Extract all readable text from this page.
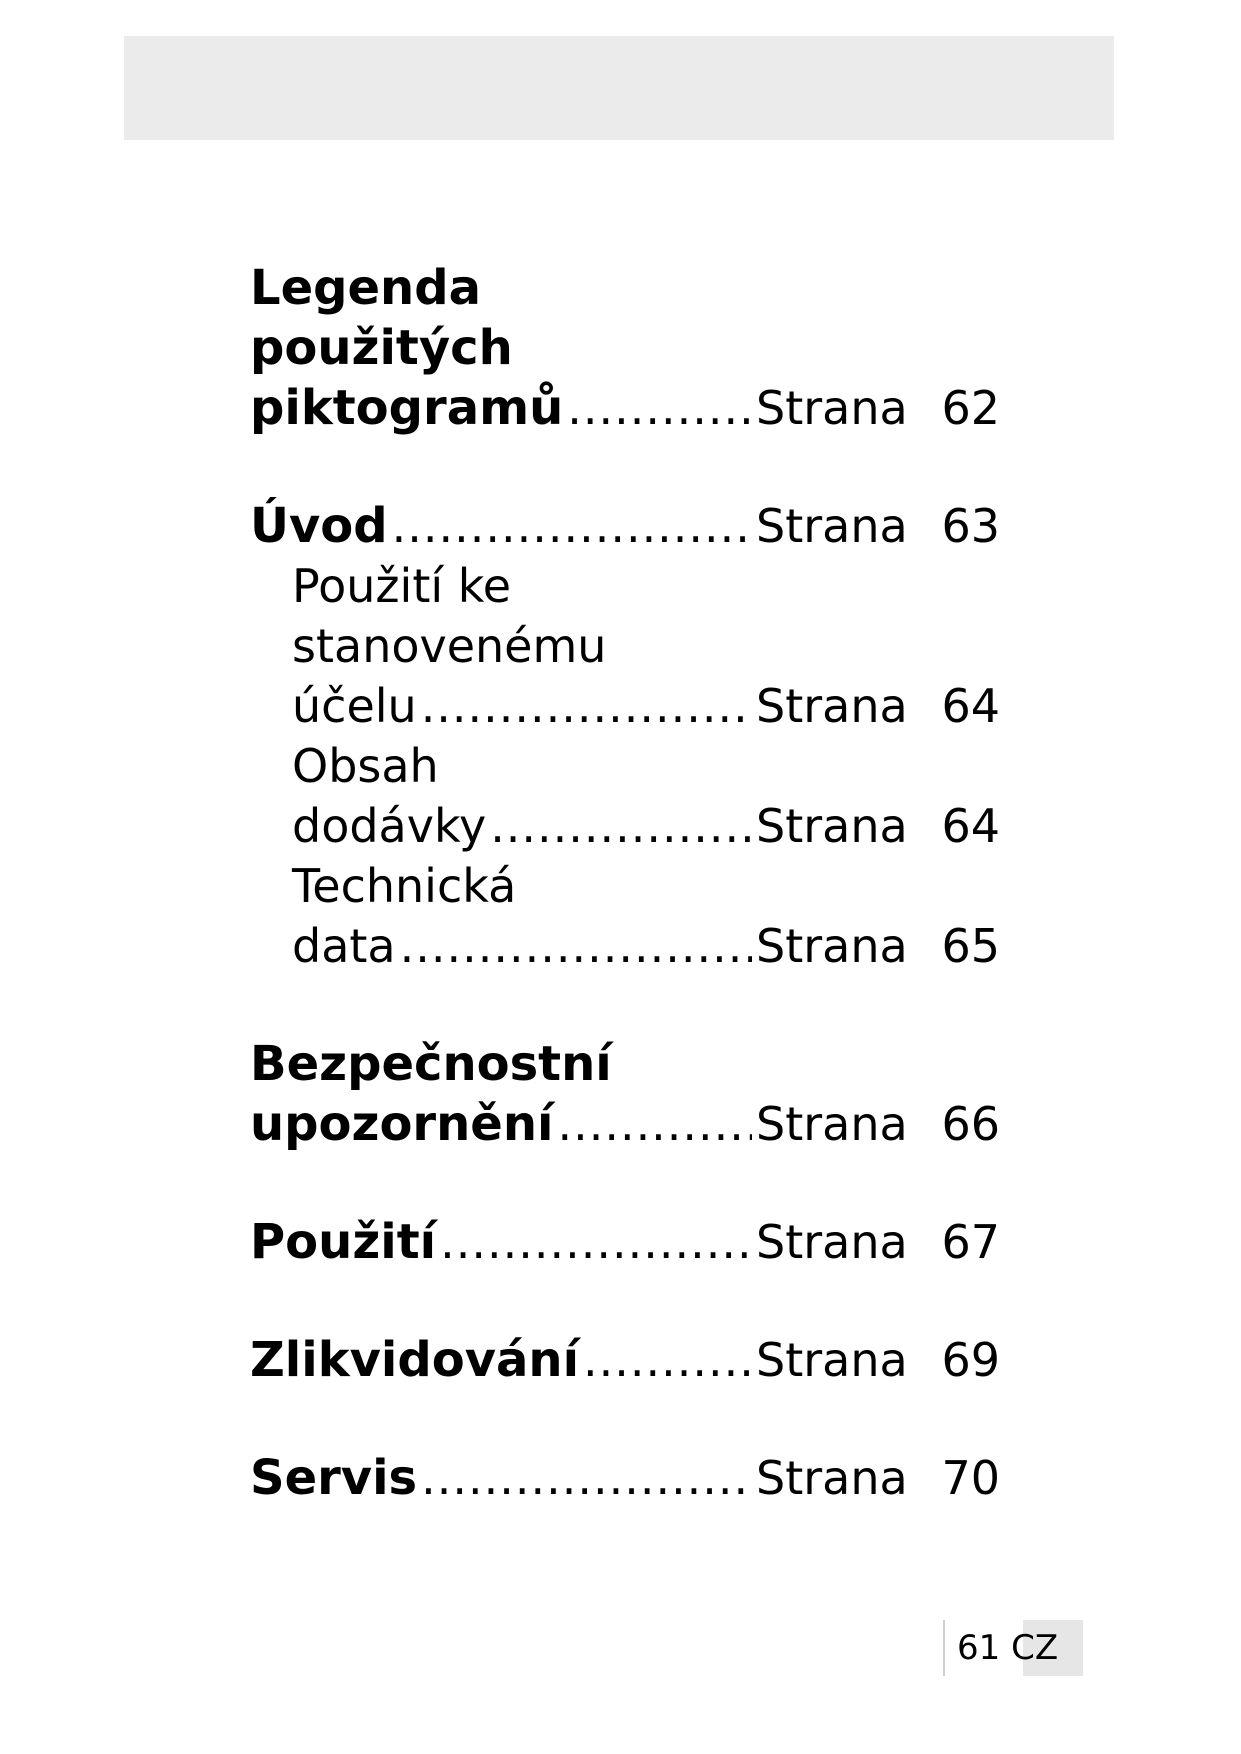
Legenda
použitých
piktogramů .....	Strana 62
Úvod .....	Strana 63
Použití ke
stanovenému
účelu .....	Strana 64
Obsah
dodávky .....	Strana 64
Technická
data .....	Strana 65
Bezpečnostní
upozornění .....	Strana 66
Použití .....	Strana 67
Zlikvidování .....	Strana 69
Servis .....	Strana 70
61 CZ
